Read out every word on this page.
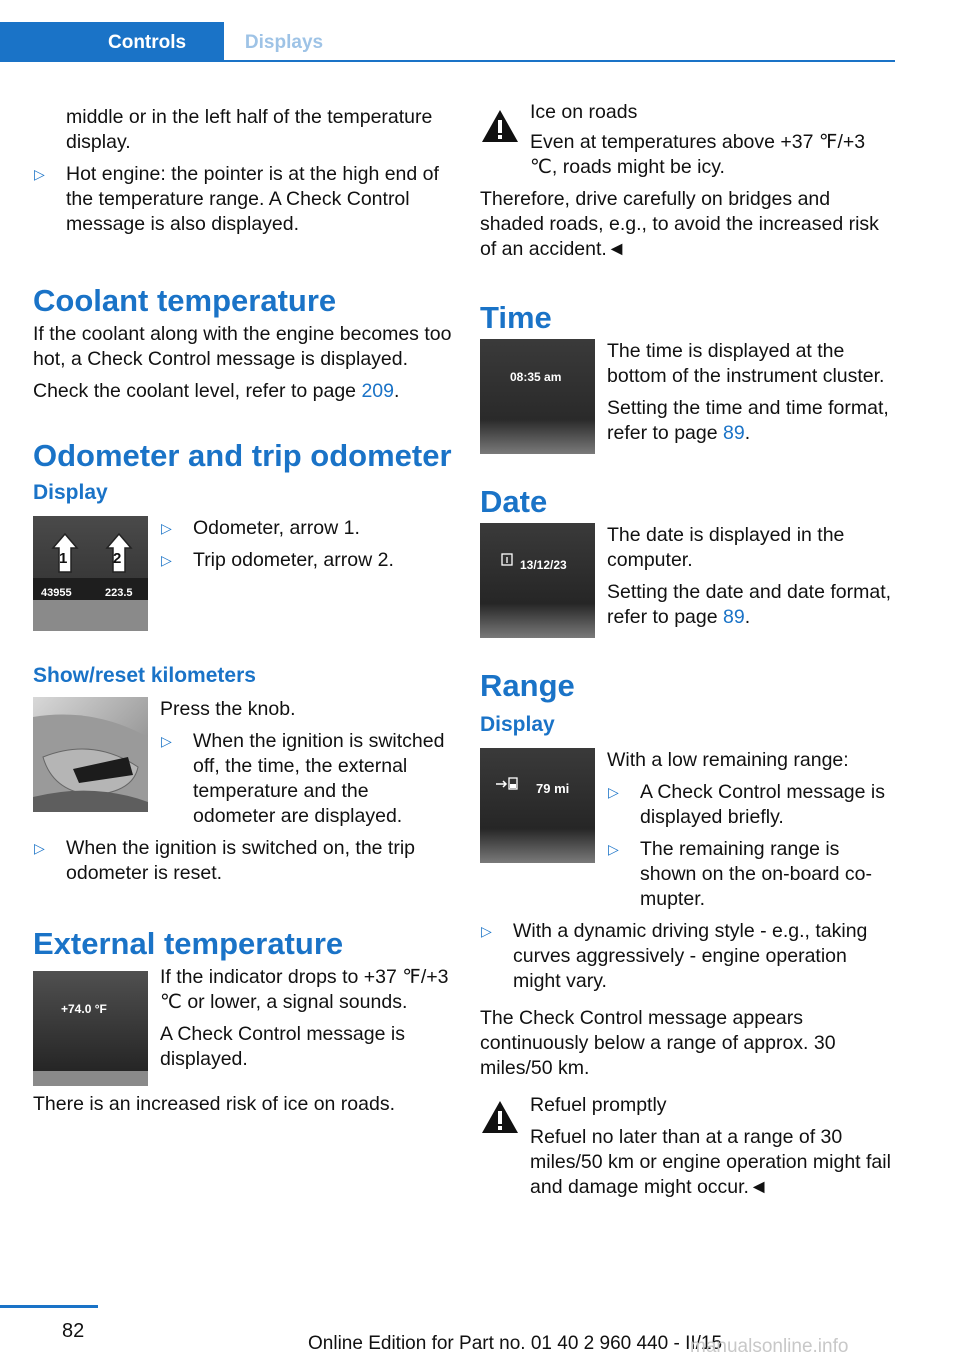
Controls	Displays

middle or in the left half of the temperature display.

▷ Hot engine: the pointer is at the high end of the temperature range. A Check Control message is also displayed.
Coolant temperature

If the coolant along with the engine becomes too hot, a Check Control message is displayed.

Check the coolant level, refer to page 209.

Odometer and trip odometer
Display
1	2
43955	223.5
▷ Odometer, arrow 1.
▷ Trip odometer, arrow 2.
Show/reset kilometers

Press the knob.

▷ When the ignition is switched off, the time, the external temperature and the odometer are displayed.
▷ When the ignition is switched on, the trip odometer is reset.
External temperature
+74.0 °F

If the indicator drops to +37 ℉/+3 ℃ or lower, a signal sounds.

A Check Control message is displayed.

There is an increased risk of ice on roads.

Ice on roads

Even at temperatures above +37 ℉/+3 ℃, roads might be icy.

Therefore, drive carefully on bridges and shaded roads, e.g., to avoid the increased risk of an accident.◄

Time
08:35 am

The time is displayed at the bottom of the instrument cluster.

Setting the time and time format, refer to page 89.

Date
13/12/23

The date is displayed in the computer.

Setting the date and date format, refer to page 89.

Range
Display
79 mi

With a low remaining range:

▷ A Check Control message is displayed briefly.
▷ The remaining range is shown on the on-board co-mupter.
▷ With a dynamic driving style - e.g., taking curves aggressively - engine operation might vary.

The Check Control message appears continuously below a range of approx. 30 miles/50 km.

Refuel promptly

Refuel no later than at a range of 30 miles/50 km or engine operation might fail and damage might occur.◄

82
Online Edition for Part no. 01 40 2 960 440 - II/15
manualsonline.info
